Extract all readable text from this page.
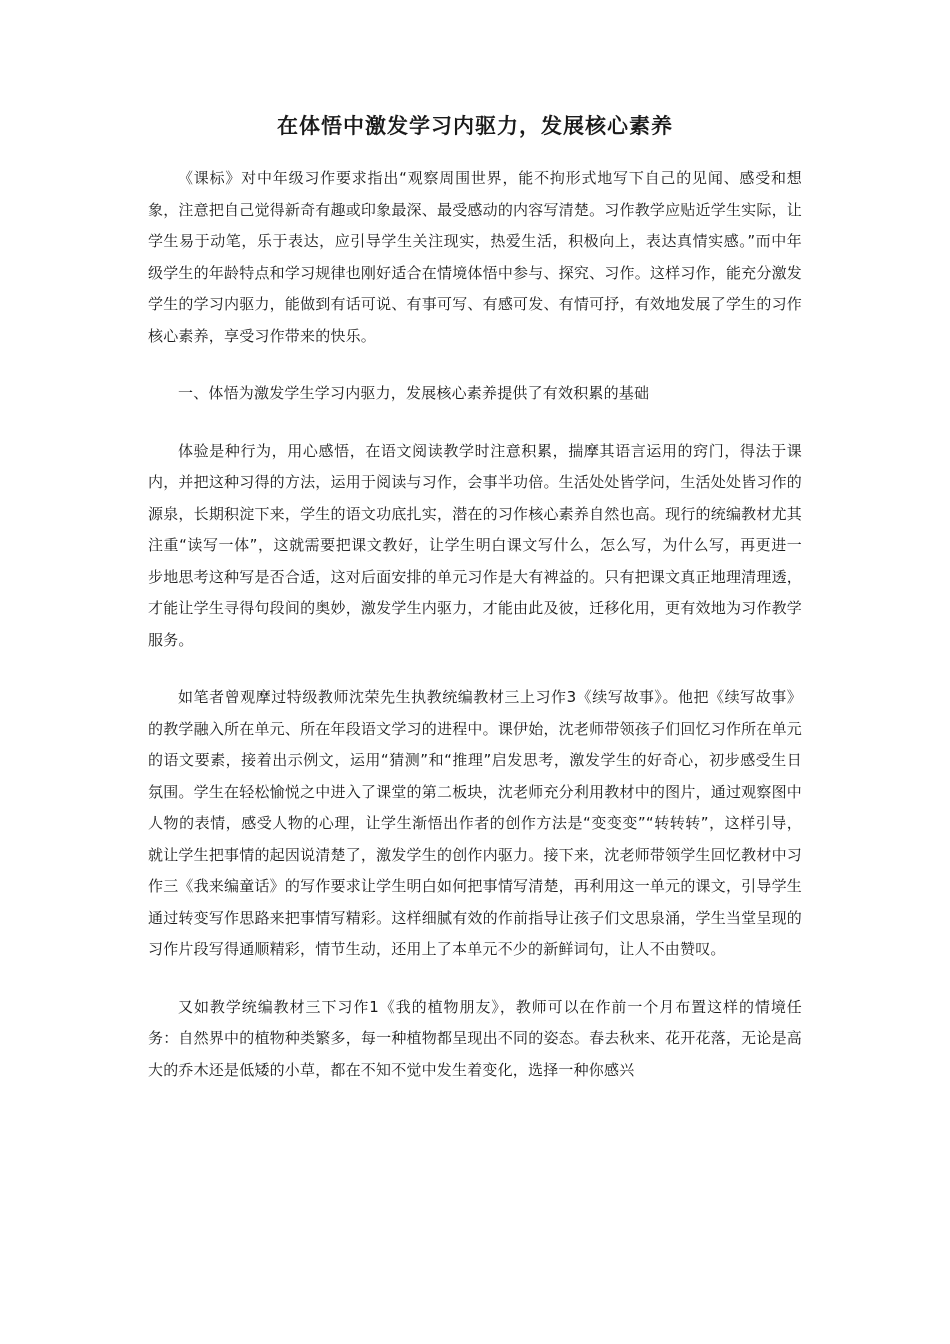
在体悟中激发学习内驱力，发展核心素养

《课标》对中年级习作要求指出“观察周围世界，能不拘形式地写下自己的见闻、感受和想象，注意把自己觉得新奇有趣或印象最深、最受感动的内容写清楚。习作教学应贴近学生实际，让学生易于动笔，乐于表达，应引导学生关注现实，热爱生活，积极向上，表达真情实感。”而中年级学生的年龄特点和学习规律也刚好适合在情境体悟中参与、探究、习作。这样习作，能充分激发学生的学习内驱力，能做到有话可说、有事可写、有感可发、有情可抒，有效地发展了学生的习作核心素养，享受习作带来的快乐。

一、体悟为激发学生学习内驱力，发展核心素养提供了有效积累的基础

体验是种行为，用心感悟，在语文阅读教学时注意积累，揣摩其语言运用的窍门，得法于课内，并把这种习得的方法，运用于阅读与习作，会事半功倍。生活处处皆学问，生活处处皆习作的源泉，长期积淀下来，学生的语文功底扎实，潜在的习作核心素养自然也高。现行的统编教材尤其注重“读写一体”，这就需要把课文教好，让学生明白课文写什么，怎么写，为什么写，再更进一步地思考这种写是否合适，这对后面安排的单元习作是大有裨益的。只有把课文真正地理清理透，才能让学生寻得句段间的奥妙，激发学生内驱力，才能由此及彼，迁移化用，更有效地为习作教学服务。

如笔者曾观摩过特级教师沈荣先生执教统编教材三上习作3《续写故事》。他把《续写故事》的教学融入所在单元、所在年段语文学习的进程中。课伊始，沈老师带领孩子们回忆习作所在单元的语文要素，接着出示例文，运用“猜测”和“推理”启发思考，激发学生的好奇心，初步感受生日氛围。学生在轻松愉悦之中进入了课堂的第二板块，沈老师充分利用教材中的图片，通过观察图中人物的表情，感受人物的心理，让学生渐悟出作者的创作方法是“变变变”“转转转”，这样引导，就让学生把事情的起因说清楚了，激发学生的创作内驱力。接下来，沈老师带领学生回忆教材中习作三《我来编童话》的写作要求让学生明白如何把事情写清楚，再利用这一单元的课文，引导学生通过转变写作思路来把事情写精彩。这样细腻有效的作前指导让孩子们文思泉涌，学生当堂呈现的习作片段写得通顺精彩，情节生动，还用上了本单元不少的新鲜词句，让人不由赞叹。

又如教学统编教材三下习作1《我的植物朋友》，教师可以在作前一个月布置这样的情境任务：自然界中的植物种类繁多，每一种植物都呈现出不同的姿态。春去秋来、花开花落，无论是高大的乔木还是低矮的小草，都在不知不觉中发生着变化，选择一种你感兴
